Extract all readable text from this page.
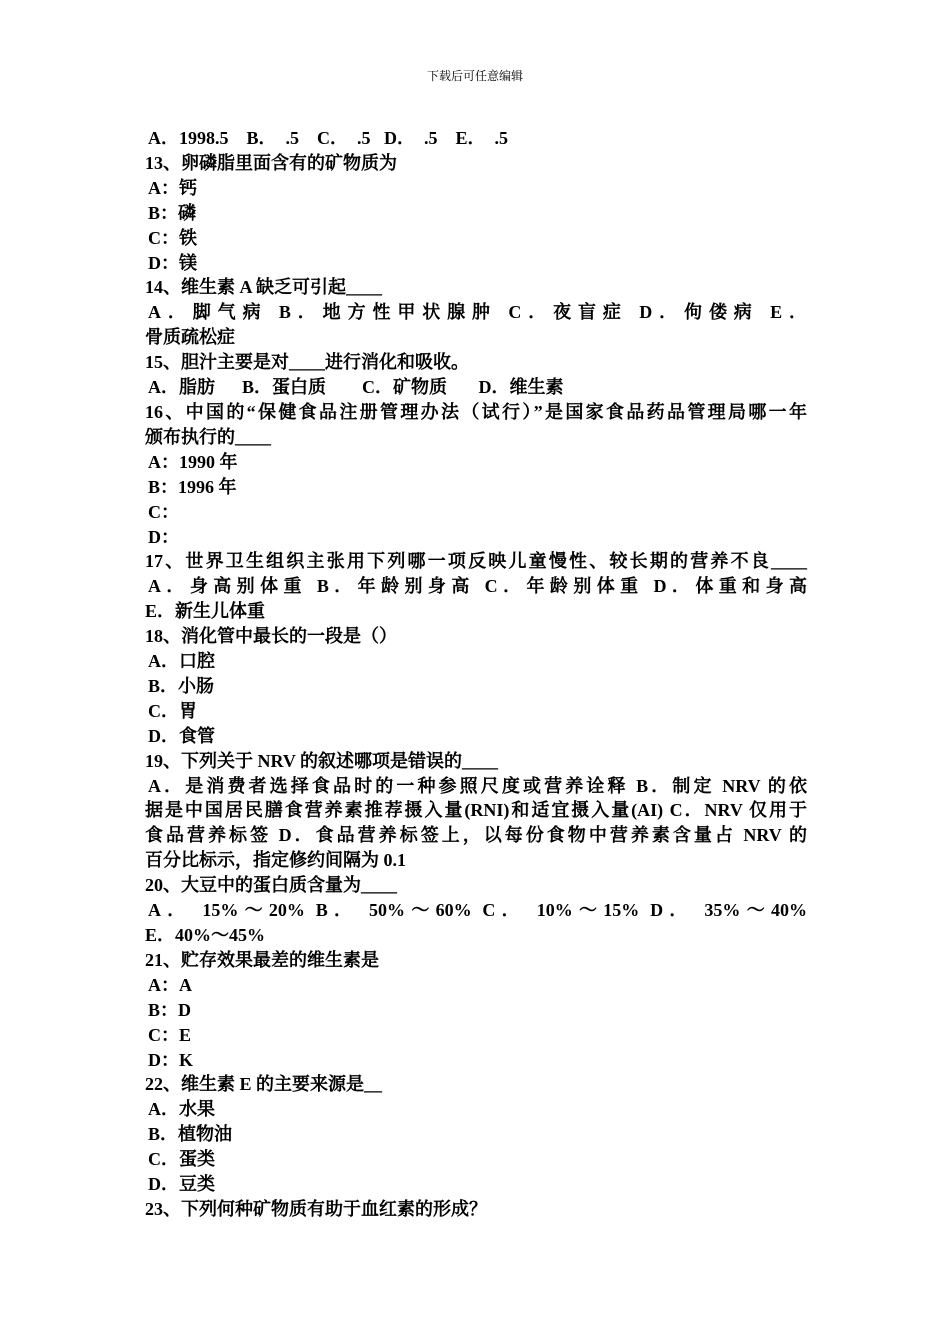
下载后可任意编辑
A．1998.5    B．  .5    C．  .5   D．  .5    E．  .5
13、卵磷脂里面含有的矿物质为
A：钙
B：磷
C：铁
D：镁
14、维生素 A 缺乏可引起____
A．脚气病 B．地方性甲状腺肿 C．夜盲症 D．佝偻病 E．
骨质疏松症
15、胆汁主要是对____进行消化和吸收。
A．脂肪      B．蛋白质        C．矿物质       D．维生素
16、中国的“保健食品注册管理办法（试行）”是国家食品药品管理局哪一年
颁布执行的____
A：1990 年
B：1996 年
C：
D：
17、世界卫生组织主张用下列哪一项反映儿童慢性、较长期的营养不良____
A．身高别体重 B．年龄别身高 C．年龄别体重 D．体重和身高
E．新生儿体重
18、消化管中最长的一段是（）
A．口腔
B．小肠
C．胃
D．食管
19、下列关于 NRV 的叙述哪项是错误的____
A．是消费者选择食品时的一种参照尺度或营养诠释 B．制定 NRV 的依
据是中国居民膳食营养素推荐摄入量(RNI)和适宜摄入量(AI) C．NRV 仅用于
食品营养标签 D．食品营养标签上，以每份食物中营养素含量占 NRV 的
百分比标示，指定修约间隔为 0.1
20、大豆中的蛋白质含量为____
A． 15%～20% B． 50%～60% C． 10%～15% D． 35%～40%
E．40%～45%
21、贮存效果最差的维生素是
A：A
B：D
C：E
D：K
22、维生素 E 的主要来源是__
A．水果
B．植物油
C．蛋类
D．豆类
23、下列何种矿物质有助于血红素的形成？
